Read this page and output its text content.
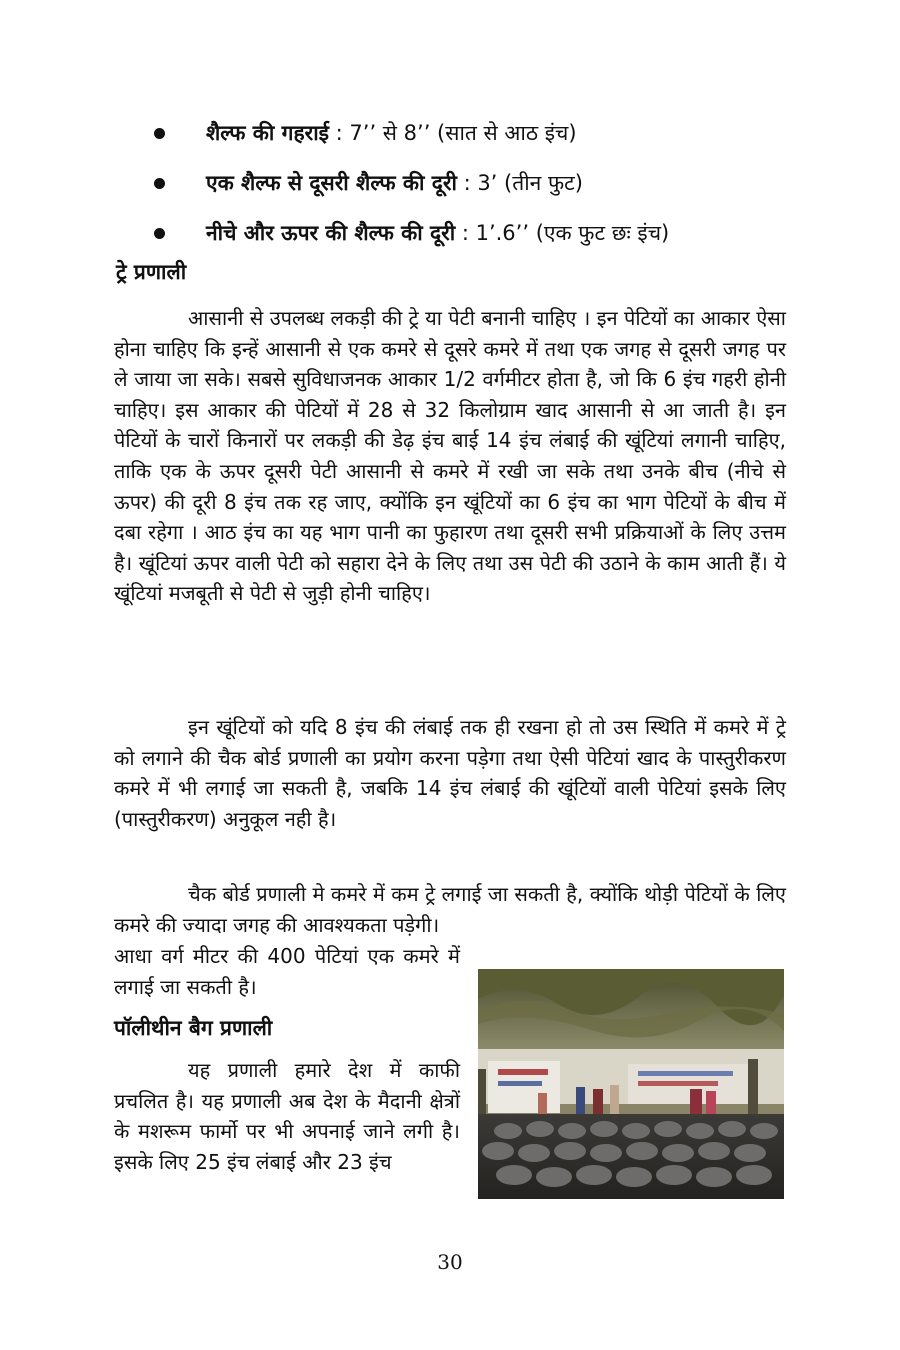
शैल्फ की गहराई : 7’’ से 8’’ (सात से आठ इंच)
एक शैल्फ से दूसरी शैल्फ की दूरी : 3’ (तीन फुट)
नीचे और ऊपर की शैल्फ की दूरी : 1’.6’’ (एक फुट छः इंच)
ट्रे प्रणाली

आसानी से उपलब्ध लकड़ी की ट्रे या पेटी बनानी चाहिए । इन पेटियों का आकार ऐसा होना चाहिए कि इन्हें आसानी से एक कमरे से दूसरे कमरे में तथा एक जगह से दूसरी जगह पर ले जाया जा सके। सबसे सुविधाजनक आकार 1/2 वर्गमीटर होता है, जो कि 6 इंच गहरी होनी चाहिए। इस आकार की पेटियों में 28 से 32 किलोग्राम खाद आसानी से आ जाती है। इन पेटियों के चारों किनारों पर लकड़ी की डेढ़ इंच बाई 14 इंच लंबाई की खूंटियां लगानी चाहिए, ताकि एक के ऊपर दूसरी पेटी आसानी से कमरे में रखी जा सके तथा उनके बीच (नीचे से ऊपर) की दूरी 8 इंच तक रह जाए, क्योंकि इन खूंटियों का 6 इंच का भाग पेटियों के बीच में दबा रहेगा । आठ इंच का यह भाग पानी का फुहारण तथा दूसरी सभी प्रक्रियाओं के लिए उत्तम है। खूंटियां ऊपर वाली पेटी को सहारा देने के लिए तथा उस पेटी की उठाने के काम आती हैं। ये खूंटियां मजबूती से पेटी से जुड़ी होनी चाहिए।

इन खूंटियों को यदि 8 इंच की लंबाई तक ही रखना हो तो उस स्थिति में कमरे में ट्रे को लगाने की चैक बोर्ड प्रणाली का प्रयोग करना पड़ेगा तथा ऐसी पेटियां खाद के पास्तुरीकरण कमरे में भी लगाई जा सकती है, जबकि 14 इंच लंबाई की खूंटियों वाली पेटियां इसके लिए (पास्तुरीकरण) अनुकूल नही है।

चैक बोर्ड प्रणाली मे कमरे में कम ट्रे लगाई जा सकती है, क्योंकि थोड़ी पेटियों के लिए कमरे की ज्यादा जगह की आवश्यकता पड़ेगी।

आधा वर्ग मीटर की 400 पेटियां एक कमरे में लगाई जा सकती है।

पॉलीथीन बैग प्रणाली

यह प्रणाली हमारे देश में काफी प्रचलित है। यह प्रणाली अब देश के मैदानी क्षेत्रों के मशरूम फार्मो पर भी अपनाई जाने लगी है। इसके लिए 25 इंच लंबाई और 23 इंच

30
